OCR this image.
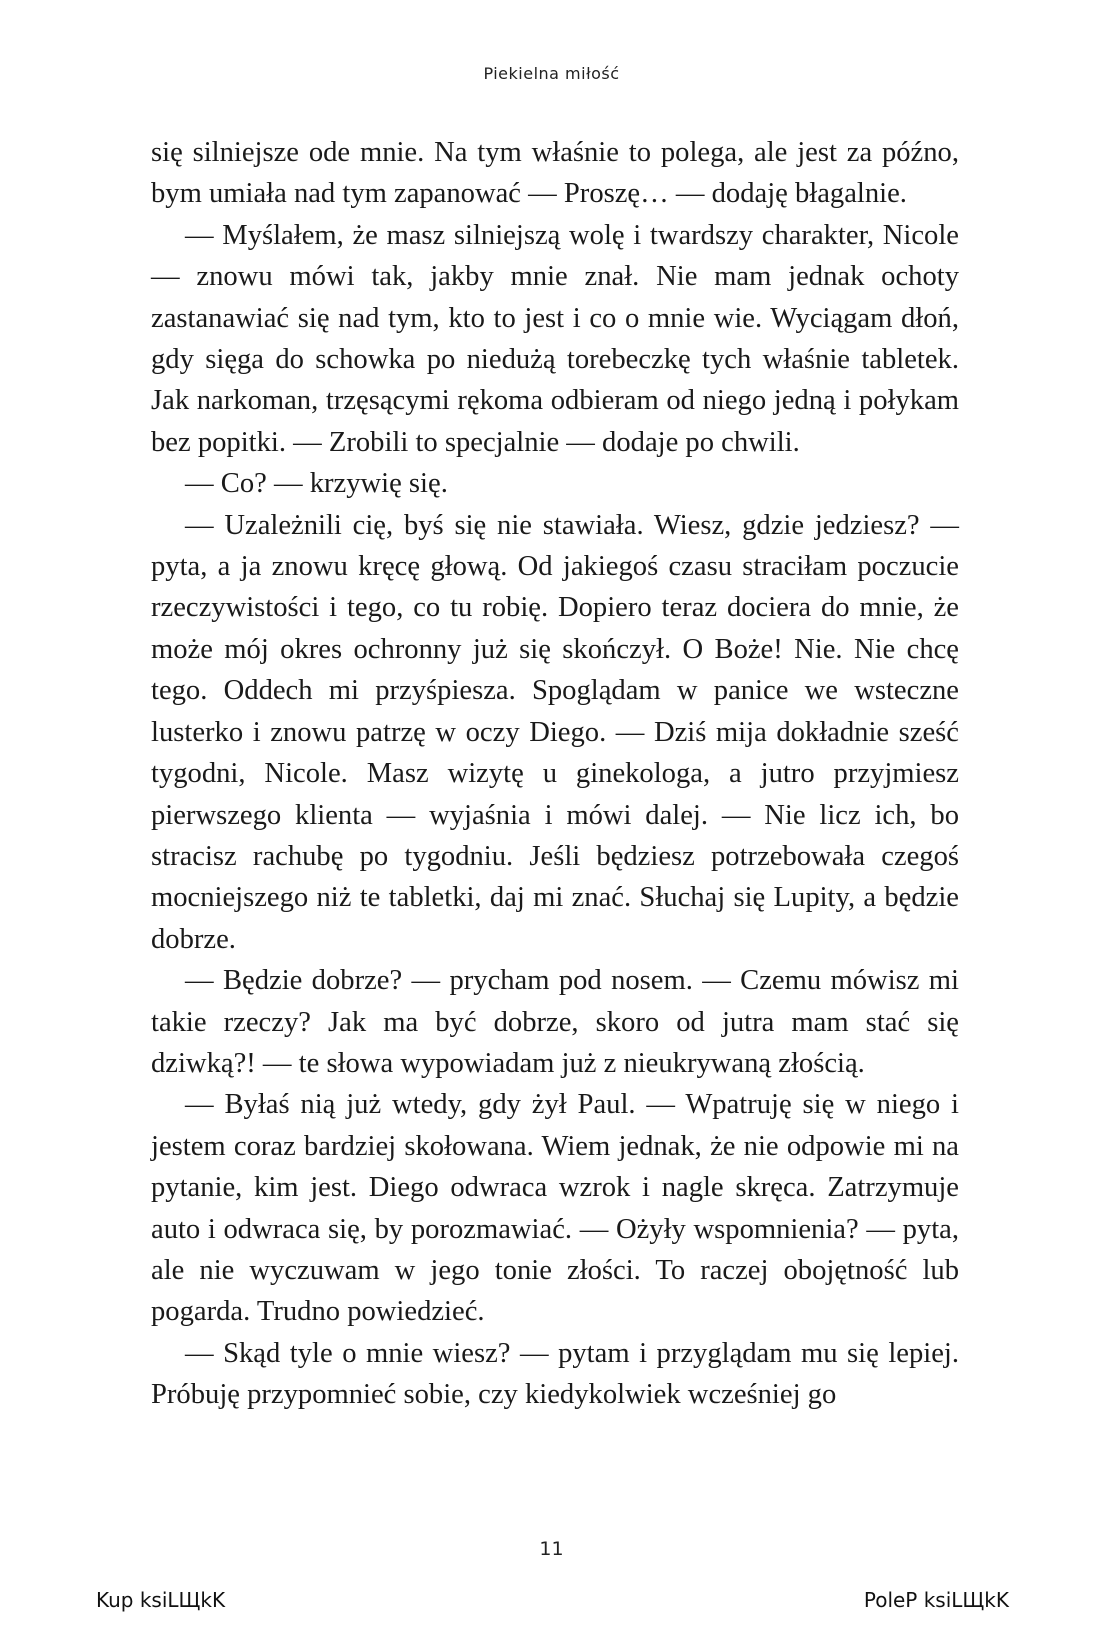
Piekielna miłość

się silniejsze ode mnie. Na tym właśnie to polega, ale jest za późno, bym umiała nad tym zapanować — Proszę… — dodaję błagalnie.

— Myślałem, że masz silniejszą wolę i twardszy charakter, Nicole — znowu mówi tak, jakby mnie znał. Nie mam jednak ochoty zastanawiać się nad tym, kto to jest i co o mnie wie. Wyciągam dłoń, gdy sięga do schowka po niedużą torebeczkę tych właśnie tabletek. Jak narkoman, trzęsącymi rękoma odbieram od niego jedną i połykam bez popitki. — Zrobili to specjalnie — dodaje po chwili.

— Co? — krzywię się.

— Uzależnili cię, byś się nie stawiała. Wiesz, gdzie jedziesz? — pyta, a ja znowu kręcę głową. Od jakiegoś czasu straciłam poczucie rzeczywistości i tego, co tu robię. Dopiero teraz dociera do mnie, że może mój okres ochronny już się skończył. O Boże! Nie. Nie chcę tego. Oddech mi przyśpiesza. Spoglądam w panice we wsteczne lusterko i znowu patrzę w oczy Diego. — Dziś mija dokładnie sześć tygodni, Nicole. Masz wizytę u ginekologa, a jutro przyjmiesz pierwszego klienta — wyjaśnia i mówi dalej. — Nie licz ich, bo stracisz rachubę po tygodniu. Jeśli będziesz potrzebowała czegoś mocniejszego niż te tabletki, daj mi znać. Słuchaj się Lupity, a będzie dobrze.

— Będzie dobrze? — prycham pod nosem. — Czemu mówisz mi takie rzeczy? Jak ma być dobrze, skoro od jutra mam stać się dziwką?! — te słowa wypowiadam już z nieukrywaną złością.

— Byłaś nią już wtedy, gdy żył Paul. — Wpatruję się w niego i jestem coraz bardziej skołowana. Wiem jednak, że nie odpowie mi na pytanie, kim jest. Diego odwraca wzrok i nagle skręca. Zatrzymuje auto i odwraca się, by porozmawiać. — Ożyły wspomnienia? — pyta, ale nie wyczuwam w jego tonie złości. To raczej obojętność lub pogarda. Trudno powiedzieć.

— Skąd tyle o mnie wiesz? — pytam i przyglądam mu się lepiej. Próbuję przypomnieć sobie, czy kiedykolwiek wcześniej go

11
Kup ksiLЩkK	PoleP ksiLЩkK
